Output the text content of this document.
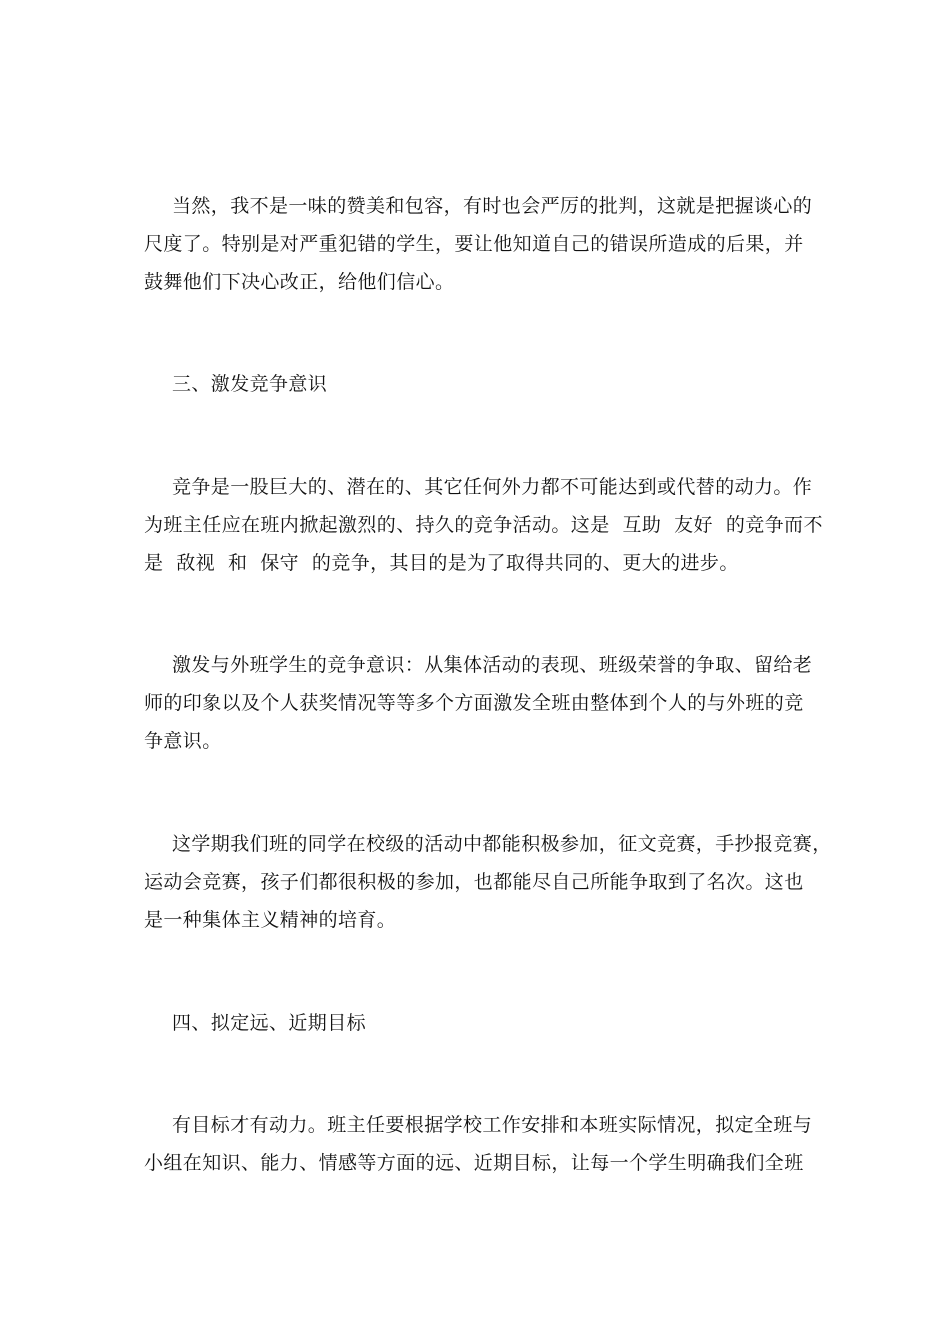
当然，我不是一味的赞美和包容，有时也会严厉的批判，这就是把握谈心的
尺度了。特别是对严重犯错的学生，要让他知道自己的错误所造成的后果，并
鼓舞他们下决心改正，给他们信心。
三、激发竞争意识
竞争是一股巨大的、潜在的、其它任何外力都不可能达到或代替的动力。作
为班主任应在班内掀起激烈的、持久的竞争活动。这是  互助  友好  的竞争而不
是  敌视  和  保守  的竞争，其目的是为了取得共同的、更大的进步。
激发与外班学生的竞争意识：从集体活动的表现、班级荣誉的争取、留给老
师的印象以及个人获奖情况等等多个方面激发全班由整体到个人的与外班的竞
争意识。
这学期我们班的同学在校级的活动中都能积极参加，征文竞赛，手抄报竞赛，
运动会竞赛，孩子们都很积极的参加，也都能尽自己所能争取到了名次。这也
是一种集体主义精神的培育。
四、拟定远、近期目标
有目标才有动力。班主任要根据学校工作安排和本班实际情况，拟定全班与
小组在知识、能力、情感等方面的远、近期目标，让每一个学生明确我们全班
